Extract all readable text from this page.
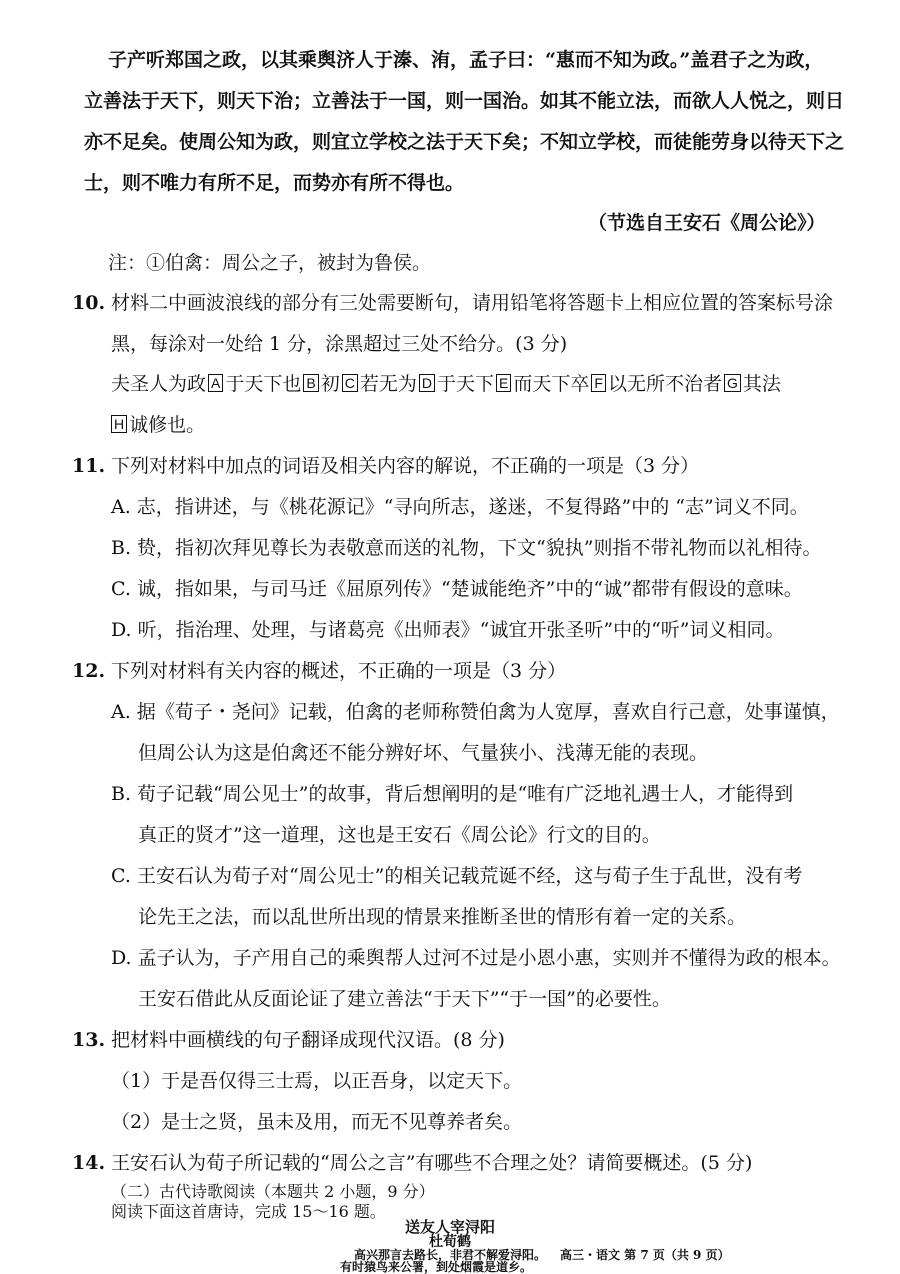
子产听郑国之政，以其乘舆济人于溱、洧，孟子曰：“惠而不知为政。”盖君子之为政，
立善法于天下，则天下治；立善法于一国，则一国治。如其不能立法，而欲人人悦之，则日
亦不足矣。使周公知为政，则宜立学校之法于天下矣；不知立学校，而徒能劳身以待天下之
士，则不唯力有所不足，而势亦有所不得也。
（节选自王安石《周公论》）
注：①伯禽：周公之子，被封为鲁侯。
10. 材料二中画波浪线的部分有三处需要断句，请用铅笔将答题卡上相应位置的答案标号涂
黑，每涂对一处给 1 分，涂黑超过三处不给分。(3 分)
夫圣人为政 A 于天下也 B 初 C 若无为 D 于天下 E 而天下卒 F 以无所不治者 G 其法
H 诚修也。
11. 下列对材料中加点的词语及相关内容的解说，不正确的一项是（3 分）
A. 志，指讲述，与《桃花源记》“寻向所志，遂迷，不复得路”中的 “志”词义不同。
B. 贽，指初次拜见尊长为表敬意而送的礼物，下文“貌执”则指不带礼物而以礼相待。
C. 诚，指如果，与司马迁《屈原列传》“楚诚能绝齐”中的“诚”都带有假设的意味。
D. 听，指治理、处理，与诸葛亮《出师表》“诚宜开张圣听”中的“听”词义相同。
12. 下列对材料有关内容的概述，不正确的一项是（3 分）
A. 据《荀子・尧问》记载，伯禽的老师称赞伯禽为人宽厚，喜欢自行己意，处事谨慎，
但周公认为这是伯禽还不能分辨好坏、气量狭小、浅薄无能的表现。
B. 荀子记载“周公见士”的故事，背后想阐明的是“唯有广泛地礼遇士人，才能得到
真正的贤才”这一道理，这也是王安石《周公论》行文的目的。
C. 王安石认为荀子对“周公见士”的相关记载荒诞不经，这与荀子生于乱世，没有考
论先王之法，而以乱世所出现的情景来推断圣世的情形有着一定的关系。
D. 孟子认为，子产用自己的乘舆帮人过河不过是小恩小惠，实则并不懂得为政的根本。
王安石借此从反面论证了建立善法“于天下”“于一国”的必要性。
13. 把材料中画横线的句子翻译成现代汉语。(8 分)
（1）于是吾仅得三士焉，以正吾身，以定天下。
（2）是士之贤，虽未及用，而无不见尊养者矣。
14. 王安石认为荀子所记载的“周公之言”有哪些不合理之处？请简要概述。(5 分)
（二）古代诗歌阅读（本题共 2 小题，9 分）
阅读下面这首唐诗，完成 15～16 题。
送友人宰浔阳
杜荀鹤
高兴那言去路长，非君不解爱浔阳。
有时猿鸟来公署，到处烟霞是道乡。
高三・语文 第 7 页（共 9 页）
